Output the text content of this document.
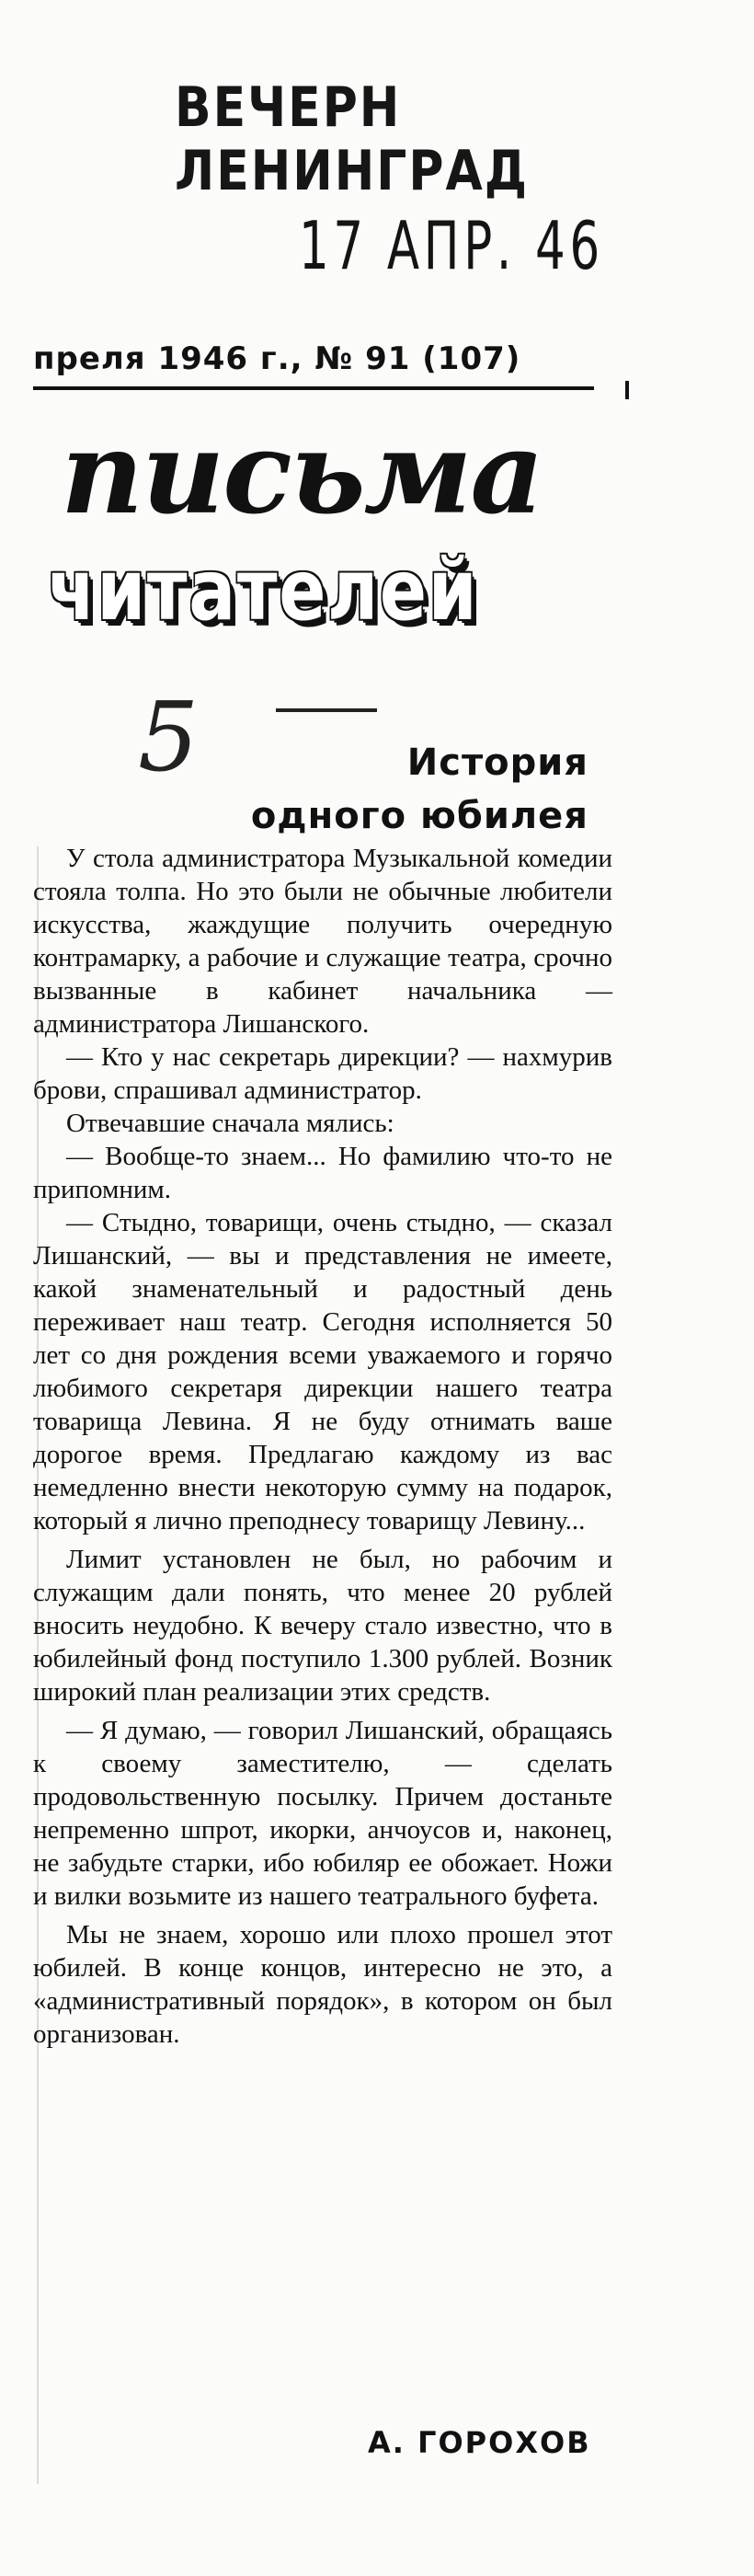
ВЕЧЕРН ЛЕНИНГРАД
17 АПР. 46
преля 1946 г., № 91 (107)
письма
читателей
5	История
одного юбилея

У стола администратора Музыкальной комедии стояла толпа. Но это были не обычные любители искусства, жаждущие получить очередную контрамарку, а рабочие и служащие театра, срочно вызванные в кабинет начальника — администратора Лишанского.

— Кто у нас секретарь дирекции? — нахмурив брови, спрашивал администратор.

Отвечавшие сначала мялись:

— Вообще-то знаем... Но фамилию что-то не припомним.

— Стыдно, товарищи, очень стыдно, — сказал Лишанский, — вы и представления не имеете, какой знаменательный и радостный день переживает наш театр. Сегодня исполняется 50 лет со дня рождения всеми уважаемого и горячо любимого секретаря дирекции нашего театра товарища Левина. Я не буду отнимать ваше дорогое время. Предлагаю каждому из вас немедленно внести некоторую сумму на подарок, который я лично преподнесу товарищу Левину...

Лимит установлен не был, но рабочим и служащим дали понять, что менее 20 рублей вносить неудобно. К вечеру стало известно, что в юбилейный фонд поступило 1.300 рублей. Возник широкий план реализации этих средств.

— Я думаю, — говорил Лишанский, обращаясь к своему заместителю, — сделать продовольственную посылку. Причем достаньте непременно шпрот, икорки, анчоусов и, наконец, не забудьте старки, ибо юбиляр ее обожает. Ножи и вилки возьмите из нашего театрального буфета.

Мы не знаем, хорошо или плохо прошел этот юбилей. В конце концов, интересно не это, а «административный порядок», в котором он был организован.

А. ГОРОХОВ
